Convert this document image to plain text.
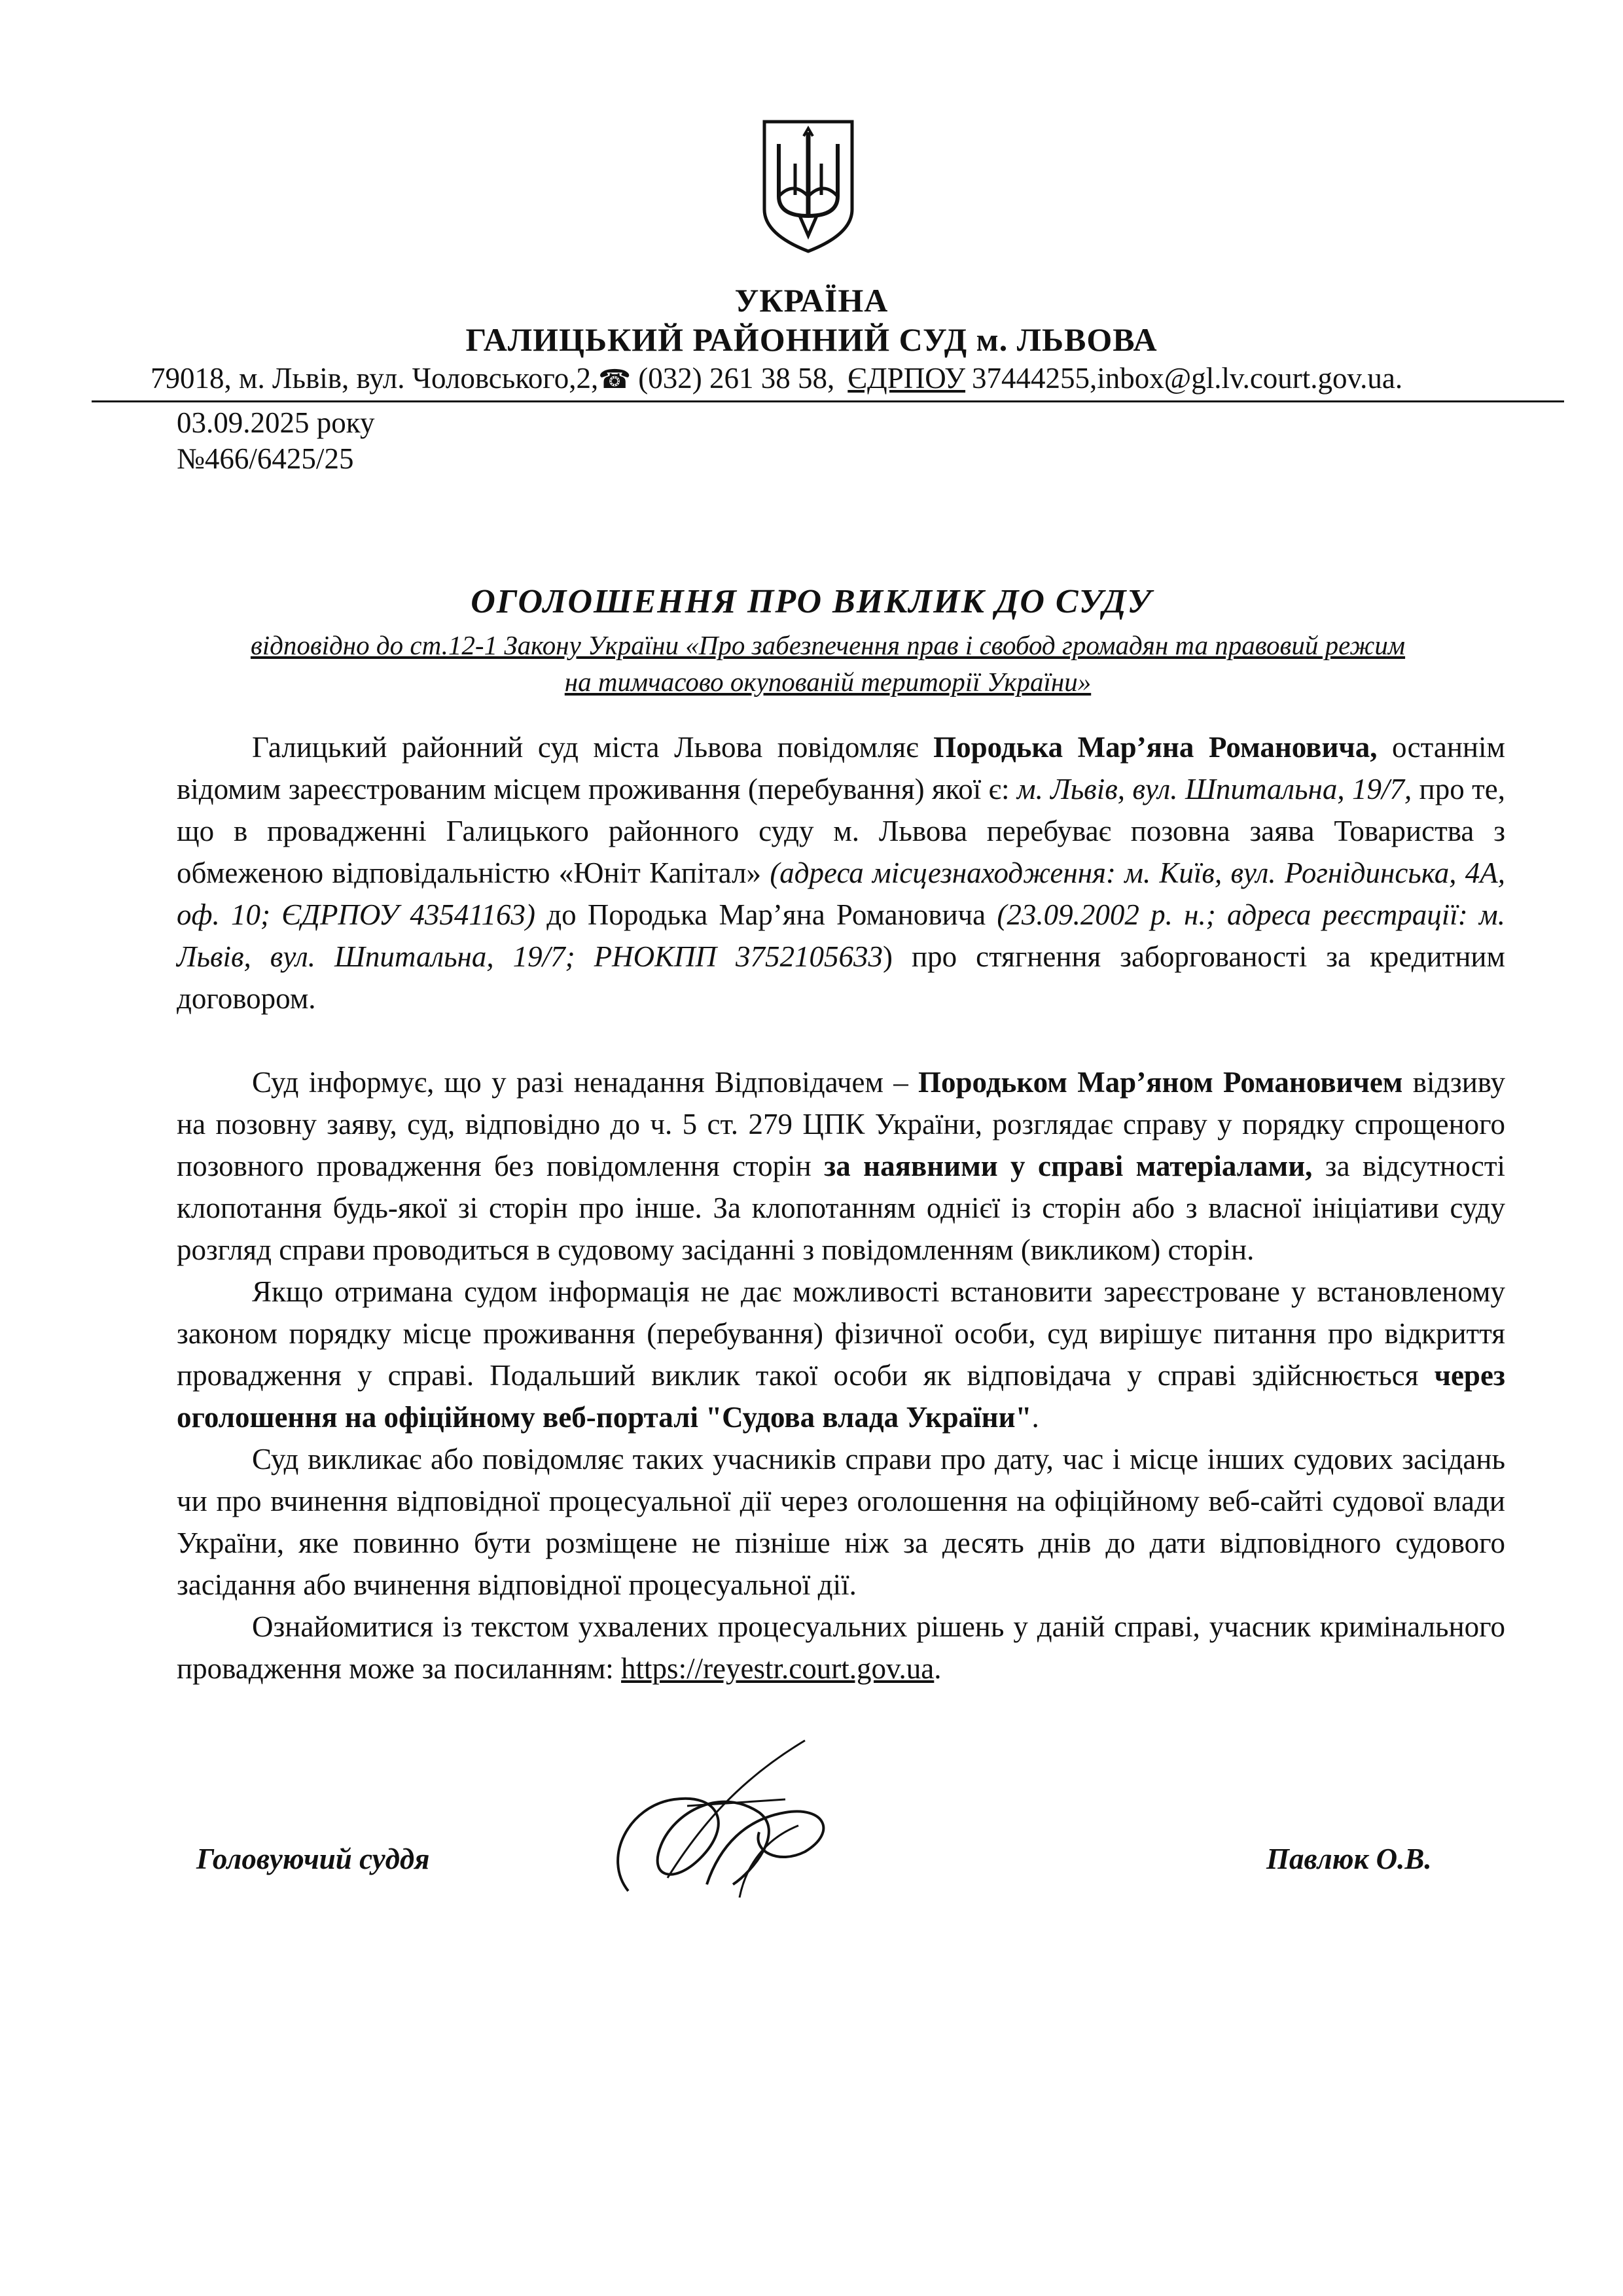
УКРАЇНА
ГАЛИЦЬКИЙ РАЙОННИЙ СУД м. ЛЬВОВА
79018, м. Львів, вул. Чоловського,2,☎ (032) 261 38 58, ЄДРПОУ 37444255,inbox@gl.lv.court.gov.ua.
03.09.2025 року
№466/6425/25
ОГОЛОШЕННЯ ПРО ВИКЛИК ДО СУДУ
відповідно до ст.12-1 Закону України «Про забезпечення прав і свобод громадян та правовий режим
на тимчасово окупованій території України»

Галицький районний суд міста Львова повідомляє Породька Мар’яна Романовича, останнім відомим зареєстрованим місцем проживання (перебування) якої є: м. Львів, вул. Шпитальна, 19/7, про те, що в провадженні Галицького районного суду м. Львова перебуває позовна заява Товариства з обмеженою відповідальністю «Юніт Капітал» (адреса місцезнаходження: м. Київ, вул. Рогнідинська, 4А, оф. 10; ЄДРПОУ 43541163) до Породька Мар’яна Романовича (23.09.2002 р. н.; адреса реєстрації: м. Львів, вул. Шпитальна, 19/7; РНОКПП 3752105633) про стягнення заборгованості за кредитним договором.

Суд інформує, що у разі ненадання Відповідачем – Породьком Мар’яном Романовичем відзиву на позовну заяву, суд, відповідно до ч. 5 ст. 279 ЦПК України, розглядає справу у порядку спрощеного позовного провадження без повідомлення сторін за наявними у справі матеріалами, за відсутності клопотання будь-якої зі сторін про інше. За клопотанням однієї із сторін або з власної ініціативи суду розгляд справи проводиться в судовому засіданні з повідомленням (викликом) сторін.

Якщо отримана судом інформація не дає можливості встановити зареєстроване у встановленому законом порядку місце проживання (перебування) фізичної особи, суд вирішує питання про відкриття провадження у справі. Подальший виклик такої особи як відповідача у справі здійснюється через оголошення на офіційному веб-порталі "Судова влада України".

Суд викликає або повідомляє таких учасників справи про дату, час і місце інших судових засідань чи про вчинення відповідної процесуальної дії через оголошення на офіційному веб-сайті судової влади України, яке повинно бути розміщене не пізніше ніж за десять днів до дати відповідного судового засідання або вчинення відповідної процесуальної дії.

Ознайомитися із текстом ухвалених процесуальних рішень у даній справі, учасник кримінального провадження може за посиланням: https://reyestr.court.gov.ua.

Головуючий суддя	Павлюк О.В.
